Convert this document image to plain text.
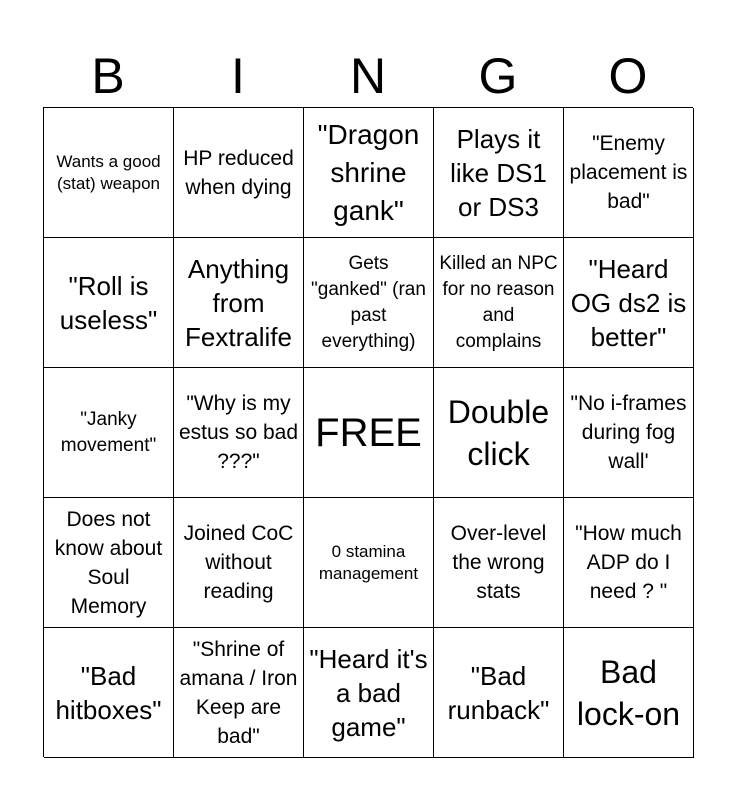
B	I	N	G	O
Wants a good (stat) weapon
HP reduced when dying
"Dragon shrine gank"
Plays it like DS1 or DS3
"Enemy placement is bad"
"Roll is useless"
Anything from Fextralife
Gets "ganked" (ran past everything)
Killed an NPC for no reason and complains
"Heard OG ds2 is better"
"Janky movement"
"Why is my estus so bad ???"
FREE Double click
"No i-frames during fog wall'
Does not know about Soul Memory
Joined CoC without reading
0 stamina management
Over-level the wrong stats
"How much ADP do I need ? "
"Bad hitboxes"
"Shrine of amana / Iron Keep are bad"
"Heard it's a bad game"
"Bad runback"
Bad lock-on
